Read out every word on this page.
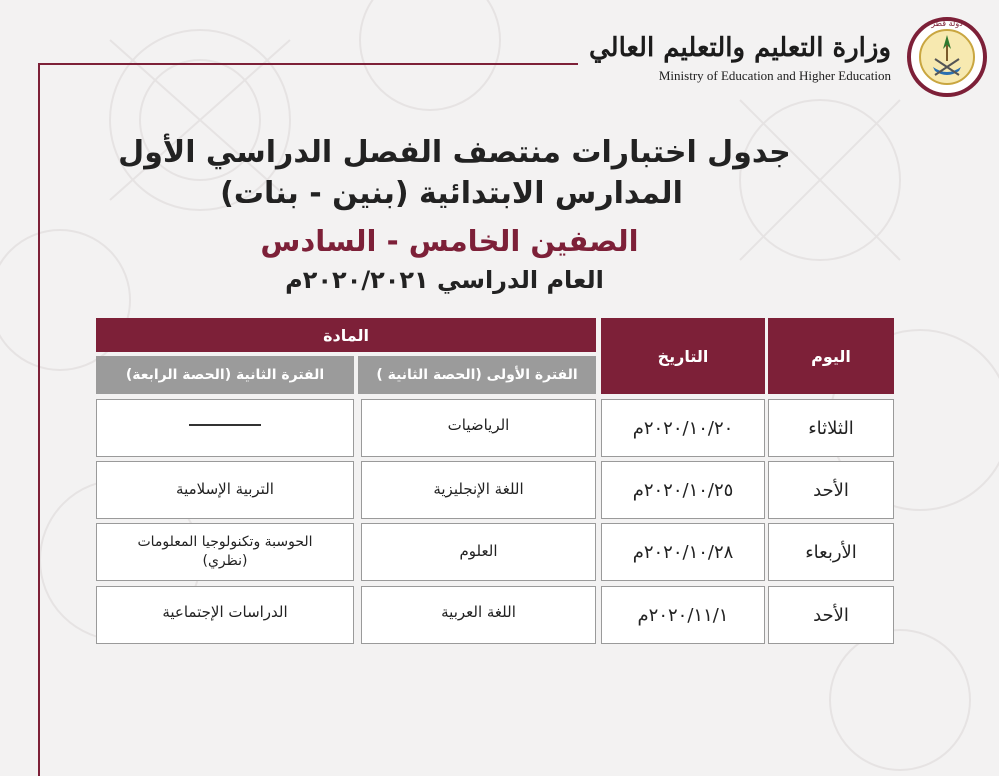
وزارة التعليم والتعليم العالي
Ministry of Education and Higher Education
دولة قطر
جدول اختبارات منتصف الفصل الدراسي الأول
المدارس الابتدائية (بنين - بنات)
الصفين الخامس - السادس
العام الدراسي ٢٠٢٠/٢٠٢١م
اليوم
التاريخ
المادة
الفترة الأولى (الحصة الثانية )
الفترة الثانية (الحصة الرابعة)
الثلاثاء
٢٠٢٠/١٠/٢٠م
الرياضيات
الأحد
٢٠٢٠/١٠/٢٥م
اللغة الإنجليزية
التربية الإسلامية
الأربعاء
٢٠٢٠/١٠/٢٨م
العلوم
الحوسبة وتكنولوجيا المعلومات (نظري)
الأحد
٢٠٢٠/١١/١م
اللغة العربية
الدراسات الإجتماعية
